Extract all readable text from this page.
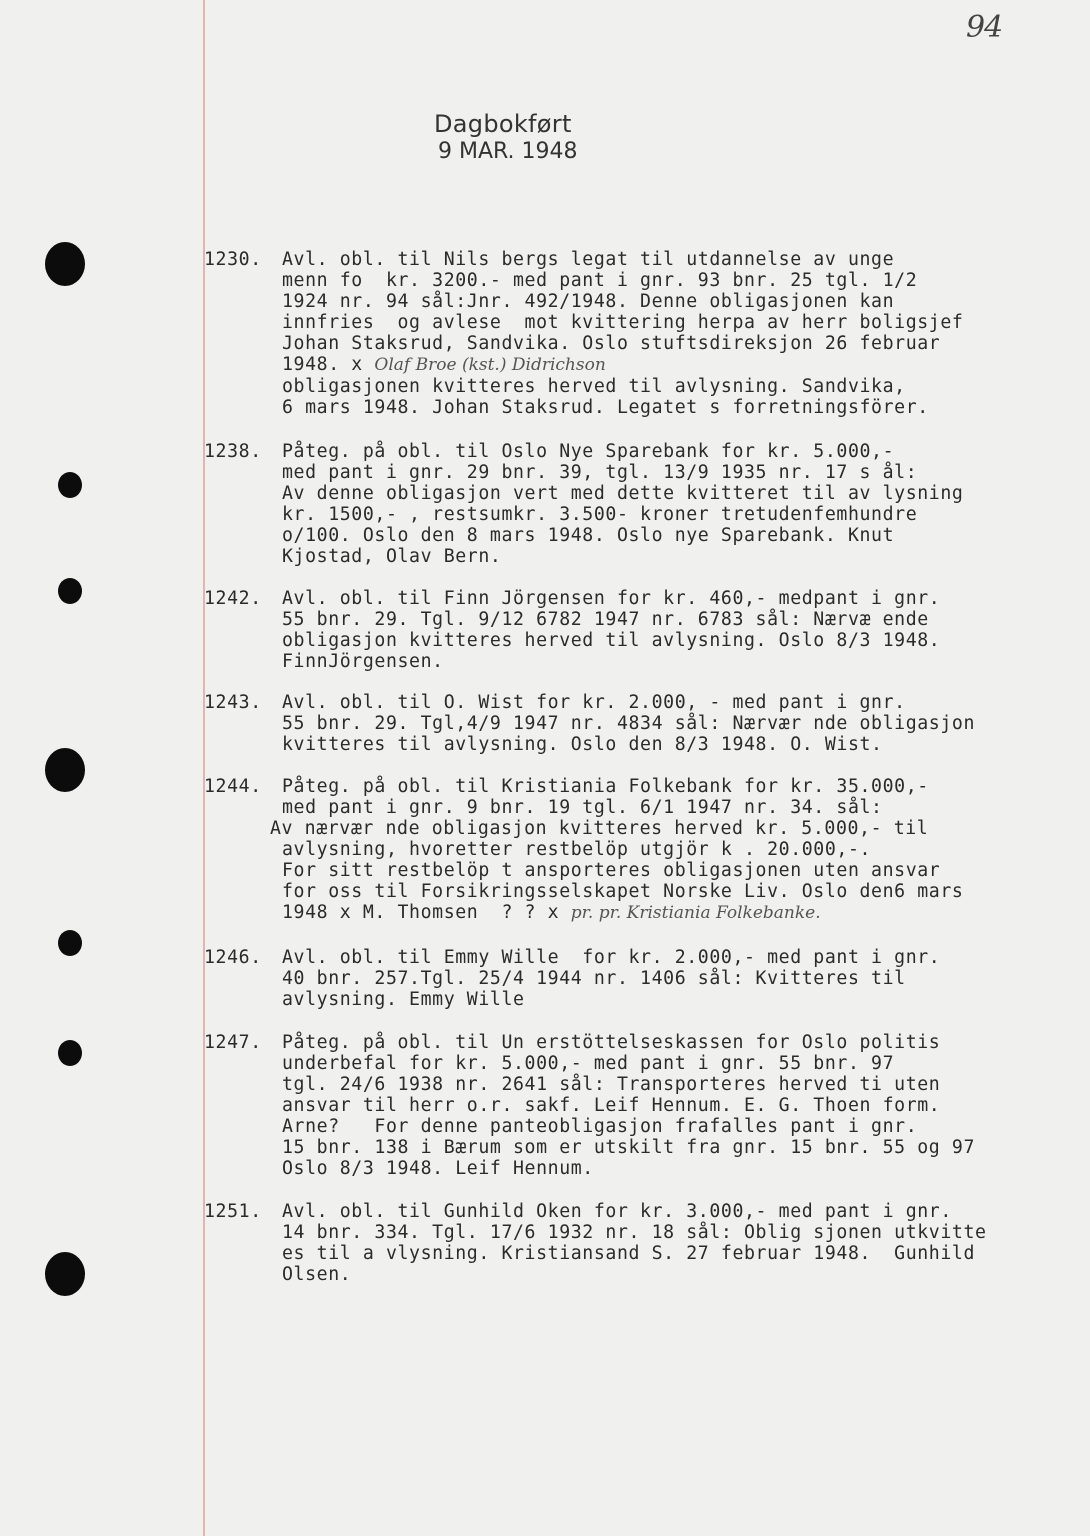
94
Dagbokført
9 MAR. 1948
1230. Avl. obl. til Nils bergs legat til utdannelse av unge
menn fo  kr. 3200.- med pant i gnr. 93 bnr. 25 tgl. 1/2
1924 nr. 94 sål:Jnr. 492/1948. Denne obligasjonen kan
innfries  og avlese  mot kvittering herpa av herr boligsjef
Johan Staksrud, Sandvika. Oslo stuftsdireksjon 26 februar
1948. x Olaf Broe (kst.) Didrichson
obligasjonen kvitteres herved til avlysning. Sandvika,
6 mars 1948. Johan Staksrud. Legatet s forretningsförer.
1238. Påteg. på obl. til Oslo Nye Sparebank for kr. 5.000,-
med pant i gnr. 29 bnr. 39, tgl. 13/9 1935 nr. 17 s ål:
Av denne obligasjon vert med dette kvitteret til av lysning
kr. 1500,- , restsumkr. 3.500- kroner tretudenfemhundre
o/100. Oslo den 8 mars 1948. Oslo nye Sparebank. Knut
Kjostad, Olav Bern.
1242. Avl. obl. til Finn Jörgensen for kr. 460,- medpant i gnr.
55 bnr. 29. Tgl. 9/12 6782 1947 nr. 6783 sål: Nærvæ ende
obligasjon kvitteres herved til avlysning. Oslo 8/3 1948.
FinnJörgensen.
1243. Avl. obl. til O. Wist for kr. 2.000, - med pant i gnr.
55 bnr. 29. Tgl,4/9 1947 nr. 4834 sål: Nærvær nde obligasjon
kvitteres til avlysning. Oslo den 8/3 1948. O. Wist.
1244. Påteg. på obl. til Kristiania Folkebank for kr. 35.000,-
med pant i gnr. 9 bnr. 19 tgl. 6/1 1947 nr. 34. sål:
Av nærvær nde obligasjon kvitteres herved kr. 5.000,- til
avlysning, hvoretter restbelöp utgjör k . 20.000,-.
For sitt restbelöp t ansporteres obligasjonen uten ansvar
for oss til Forsikringsselskapet Norske Liv. Oslo den6 mars
1948 x M. Thomsen  ? ? x pr. pr. Kristiania Folkebanke.
1246. Avl. obl. til Emmy Wille  for kr. 2.000,- med pant i gnr.
40 bnr. 257.Tgl. 25/4 1944 nr. 1406 sål: Kvitteres til
avlysning. Emmy Wille
1247. Påteg. på obl. til Un erstöttelseskassen for Oslo politis
underbefal for kr. 5.000,- med pant i gnr. 55 bnr. 97
tgl. 24/6 1938 nr. 2641 sål: Transporteres herved ti uten
ansvar til herr o.r. sakf. Leif Hennum. E. G. Thoen form.
Arne?   For denne panteobligasjon frafalles pant i gnr.
15 bnr. 138 i Bærum som er utskilt fra gnr. 15 bnr. 55 og 97
Oslo 8/3 1948. Leif Hennum.
1251. Avl. obl. til Gunhild Oken for kr. 3.000,- med pant i gnr.
14 bnr. 334. Tgl. 17/6 1932 nr. 18 sål: Oblig sjonen utkvitte
es til a vlysning. Kristiansand S. 27 februar 1948.  Gunhild
Olsen.
